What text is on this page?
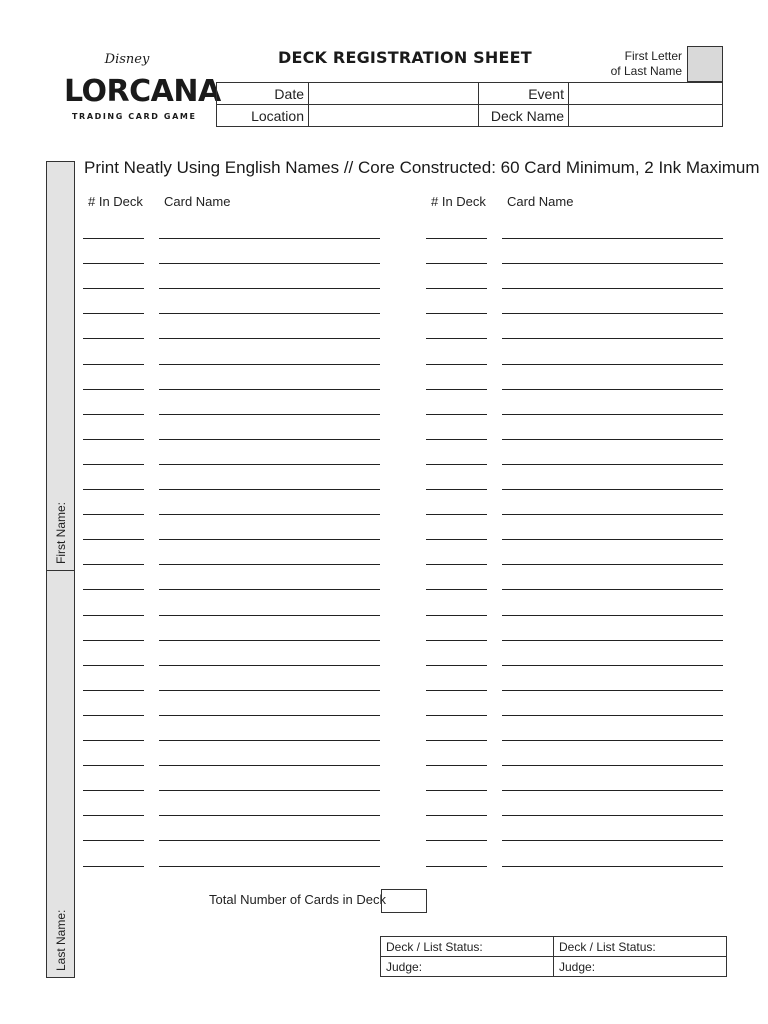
Disney
LORCANA
TRADING CARD GAME
DECK REGISTRATION SHEET	First Letter
of Last Name
Date		Event	
Location		Deck Name	
First Name:
Last Name:
Print Neatly Using English Names // Core Constructed: 60 Card Minimum, 2 Ink Maximum
# In Deck Card Name	# In Deck Card Name
Total Number of Cards in Deck
Deck / List Status:	Deck / List Status:
Judge:	Judge:
